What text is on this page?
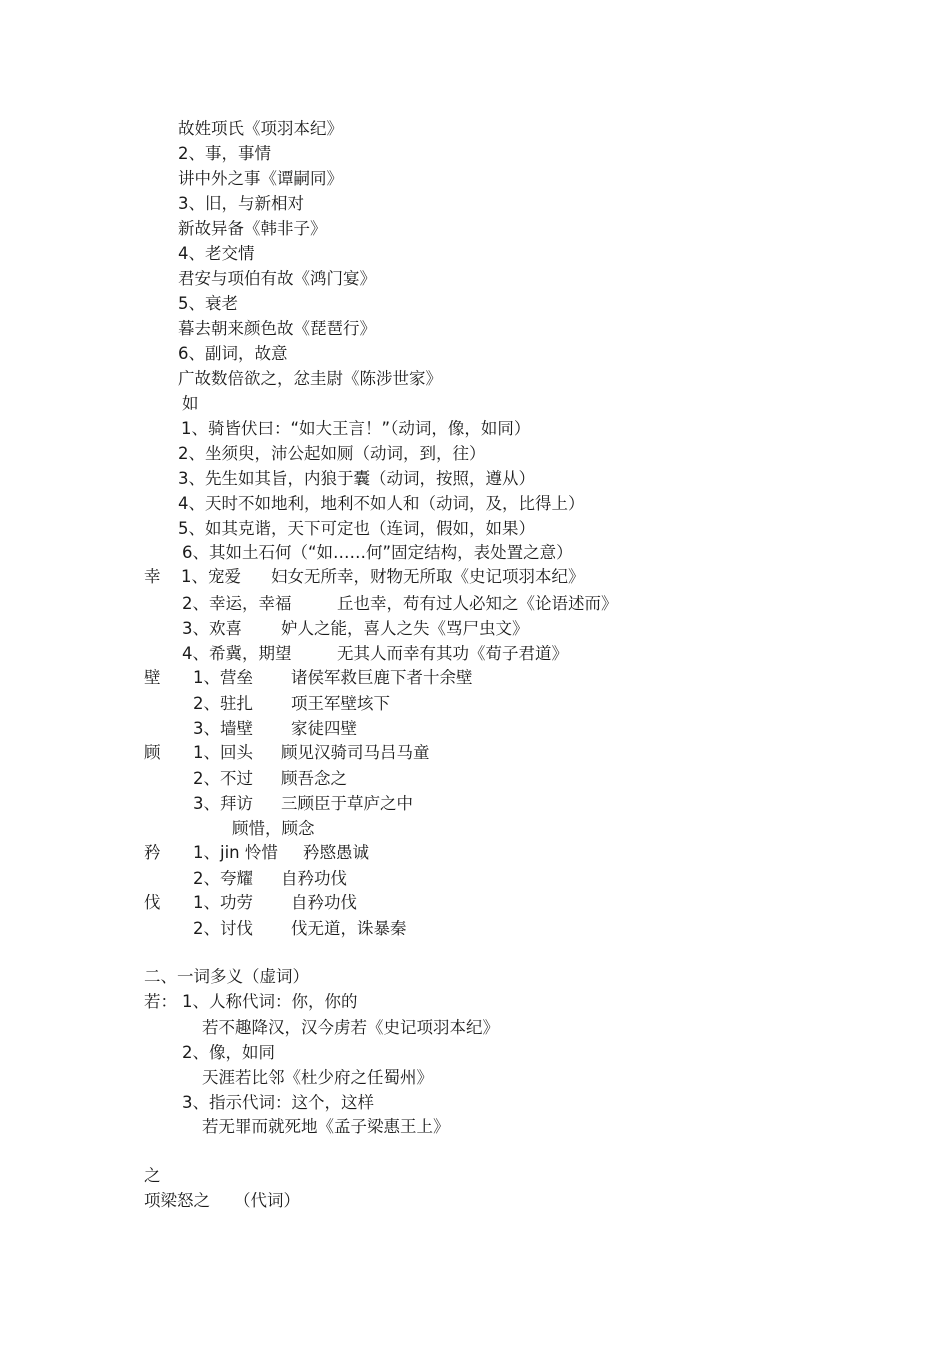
故姓项氏《项羽本纪》
2、事，事情
讲中外之事《谭嗣同》
3、旧，与新相对
新故异备《韩非子》
4、老交情
君安与项伯有故《鸿门宴》
5、衰老
暮去朝来颜色故《琵琶行》
6、副词，故意
广故数倍欲之，忿圭尉《陈涉世家》
如
1、骑皆伏曰：“如大王言！”（动词，像，如同）
2、坐须臾，沛公起如厕（动词，到，往）
3、先生如其旨，内狼于囊（动词，按照，遵从）
4、天时不如地利，地利不如人和（动词，及，比得上）
5、如其克谐，天下可定也（连词，假如，如果）
6、其如土石何（“如……何”固定结构，表处置之意）
幸 1、宠爱 妇女无所幸，财物无所取《史记项羽本纪》
2、幸运，幸福	丘也幸，苟有过人必知之《论语述而》
3、欢喜 妒人之能，喜人之失《骂尸虫文》
4、希冀，期望	无其人而幸有其功《荀子君道》
壁 1、营垒 诸侯军救巨鹿下者十余壁
2、驻扎 项王军壁垓下
3、墙壁 家徒四壁
顾 1、回头 顾见汉骑司马吕马童
2、不过 顾吾念之
3、拜访 三顾臣于草庐之中
顾惜，顾念
矜 1、jin 怜惜 矜愍愚诚
2、夸耀 自矜功伐
伐 1、功劳 自矜功伐
2、讨伐 伐无道，诛暴秦
二、一词多义（虚词）
若： 1、人称代词：你，你的
若不趣降汉，汉今虏若《史记项羽本纪》
2、像，如同
天涯若比邻《杜少府之任蜀州》
3、指示代词：这个，这样
若无罪而就死地《孟子梁惠王上》
之
项梁怒之 （代词）
